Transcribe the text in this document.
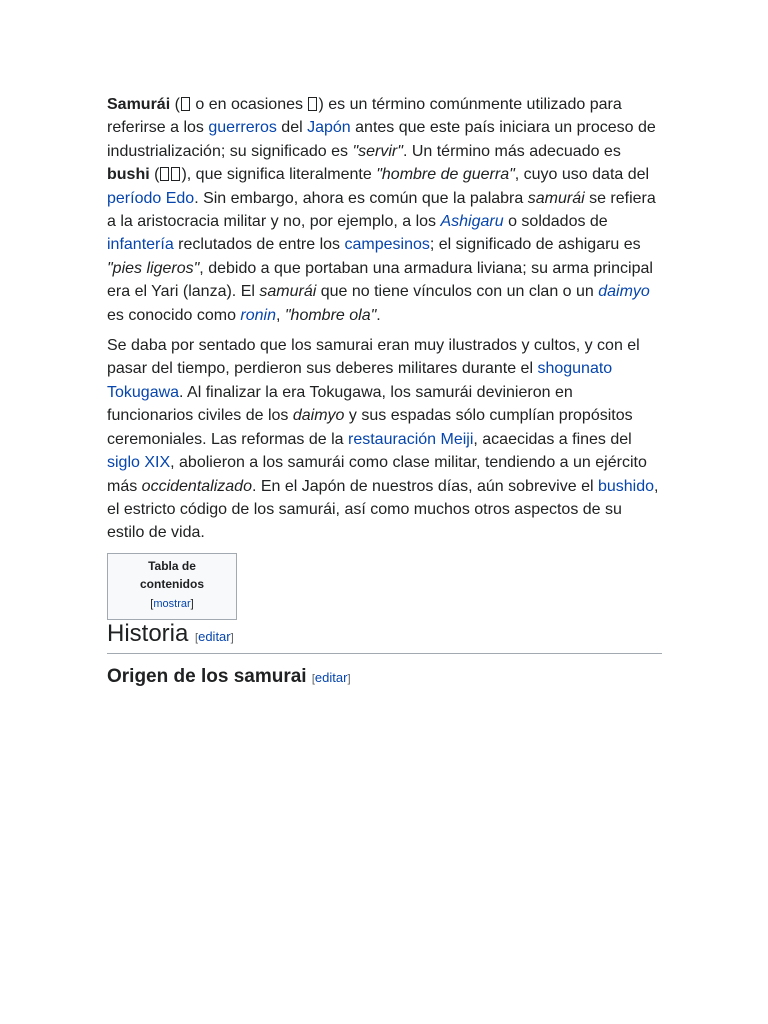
Samurái ( o en ocasiones ) es un término comúnmente utilizado para referirse a los guerreros del Japón antes que este país iniciara un proceso de industrialización; su significado es "servir". Un término más adecuado es bushi ( ), que significa literalmente "hombre de guerra", cuyo uso data del período Edo. Sin embargo, ahora es común que la palabra samurái se refiera a la aristocracia militar y no, por ejemplo, a los Ashigaru o soldados de infantería reclutados de entre los campesinos; el significado de ashigaru es "pies ligeros", debido a que portaban una armadura liviana; su arma principal era el Yari (lanza). El samurái que no tiene vínculos con un clan o un daimyo es conocido como ronin, "hombre ola".

Se daba por sentado que los samurai eran muy ilustrados y cultos, y con el pasar del tiempo, perdieron sus deberes militares durante el shogunato Tokugawa. Al finalizar la era Tokugawa, los samurái devinieron en funcionarios civiles de los daimyo y sus espadas sólo cumplían propósitos ceremoniales. Las reformas de la restauración Meiji, acaecidas a fines del siglo XIX, abolieron a los samurái como clase militar, tendiendo a un ejército más occidentalizado. En el Japón de nuestros días, aún sobrevive el bushido, el estricto código de los samurái, así como muchos otros aspectos de su estilo de vida.

Tabla de contenidos
[mostrar]
Historia [editar]
Origen de los samurai [editar]
